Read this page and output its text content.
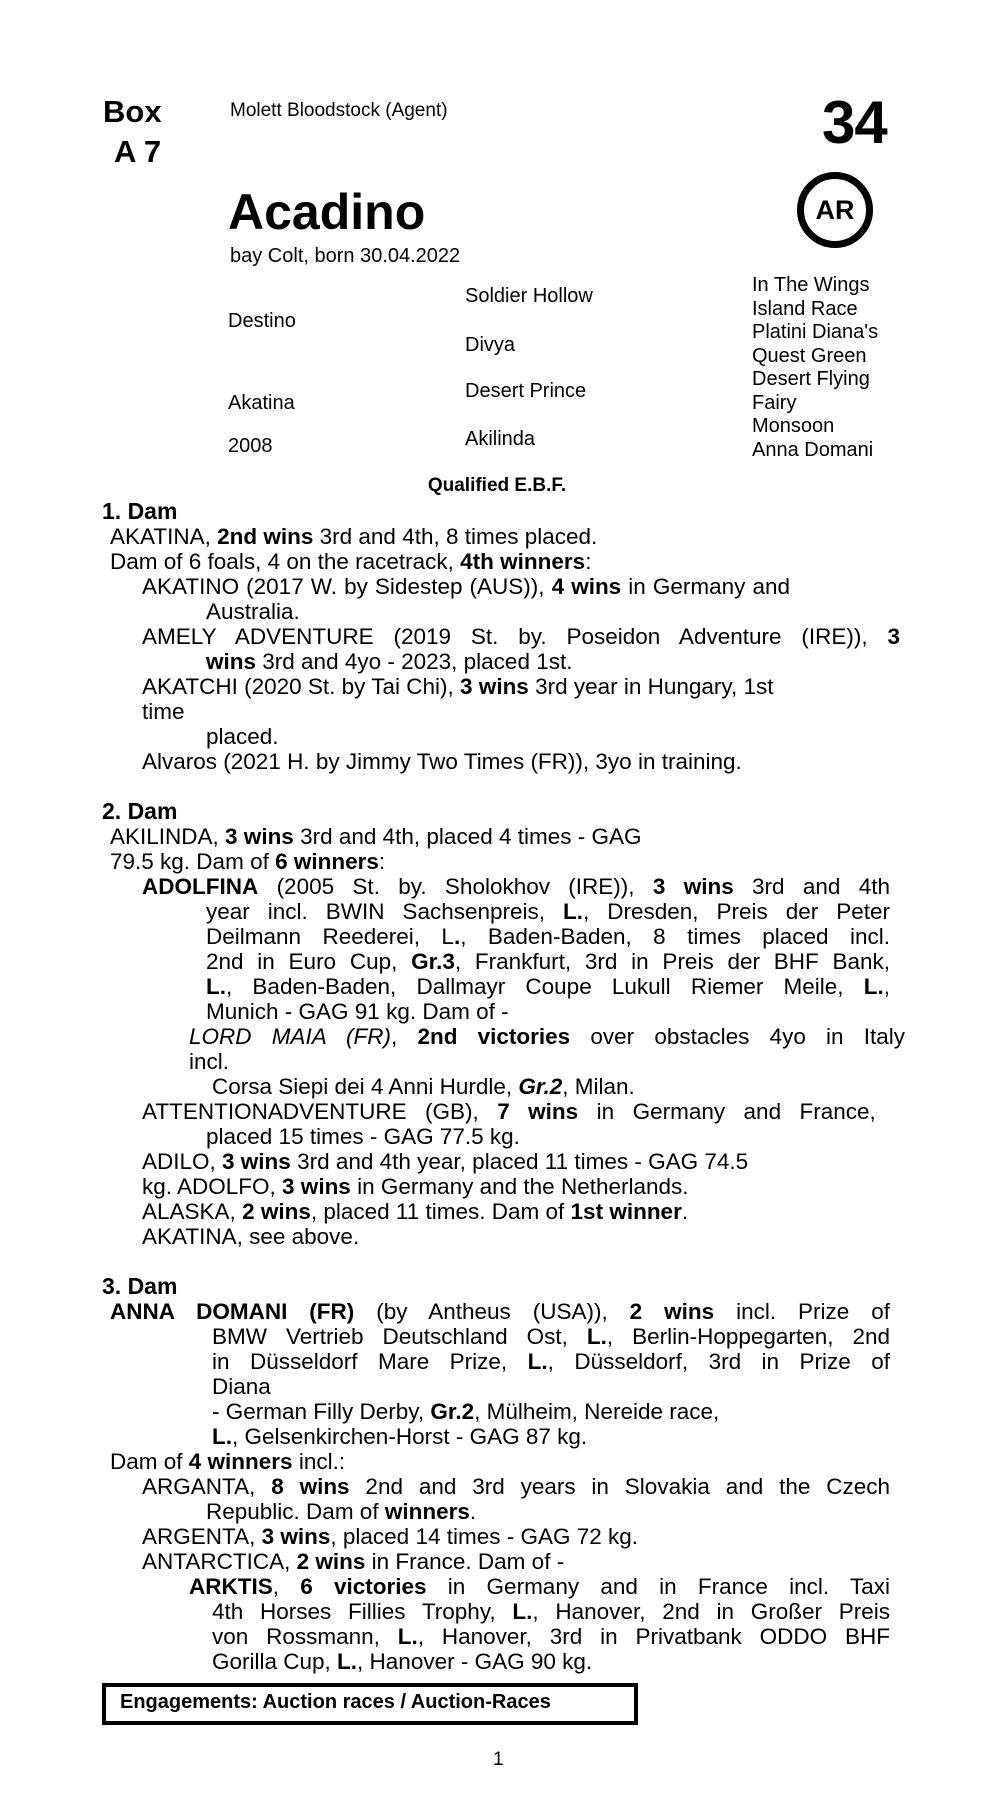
Box
A 7
Molett Bloodstock (Agent)	34
AR
Acadino
bay Colt, born 30.04.2022
Destino
Akatina
2008
Soldier Hollow
Divya
Desert Prince
Akilinda
In The Wings
Island Race
Platini Diana's
Quest Green
Desert Flying
Fairy
Monsoon
Anna Domani
Qualified E.B.F.
1. Dam
AKATINA, 2nd wins 3rd and 4th, 8 times placed.
Dam of 6 foals, 4 on the racetrack, 4th winners:
AKATINO (2017 W. by Sidestep (AUS)), 4 wins in Germany and
Australia.
AMELY ADVENTURE (2019 St. by. Poseidon Adventure (IRE)), 3
wins 3rd and 4yo - 2023, placed 1st.
AKATCHI (2020 St. by Tai Chi), 3 wins 3rd year in Hungary, 1st
time
placed.
Alvaros (2021 H. by Jimmy Two Times (FR)), 3yo in training.
2. Dam
AKILINDA, 3 wins 3rd and 4th, placed 4 times - GAG
79.5 kg. Dam of 6 winners:
ADOLFINA (2005 St. by. Sholokhov (IRE)), 3 wins 3rd and 4th
year incl. BWIN Sachsenpreis, L., Dresden, Preis der Peter
Deilmann Reederei, L., Baden-Baden, 8 times placed incl.
2nd in Euro Cup, Gr.3, Frankfurt, 3rd in Preis der BHF Bank,
L., Baden-Baden, Dallmayr Coupe Lukull Riemer Meile, L.,
Munich - GAG 91 kg. Dam of -
LORD MAIA (FR), 2nd victories over obstacles 4yo in Italy
incl.
Corsa Siepi dei 4 Anni Hurdle, Gr.2, Milan.
ATTENTIONADVENTURE (GB), 7 wins in Germany and France,
placed 15 times - GAG 77.5 kg.
ADILO, 3 wins 3rd and 4th year, placed 11 times - GAG 74.5
kg. ADOLFO, 3 wins in Germany and the Netherlands.
ALASKA, 2 wins, placed 11 times. Dam of 1st winner.
AKATINA, see above.
3. Dam
ANNA DOMANI (FR) (by Antheus (USA)), 2 wins incl. Prize of
BMW Vertrieb Deutschland Ost, L., Berlin-Hoppegarten, 2nd
in Düsseldorf Mare Prize, L., Düsseldorf, 3rd in Prize of
Diana
- German Filly Derby, Gr.2, Mülheim, Nereide race,
L., Gelsenkirchen-Horst - GAG 87 kg.
Dam of 4 winners incl.:
ARGANTA, 8 wins 2nd and 3rd years in Slovakia and the Czech
Republic. Dam of winners.
ARGENTA, 3 wins, placed 14 times - GAG 72 kg.
ANTARCTICA, 2 wins in France. Dam of -
ARKTIS, 6 victories in Germany and in France incl. Taxi
4th Horses Fillies Trophy, L., Hanover, 2nd in Großer Preis
von Rossmann, L., Hanover, 3rd in Privatbank ODDO BHF
Gorilla Cup, L., Hanover - GAG 90 kg.
Engagements: Auction races / Auction-Races
1
